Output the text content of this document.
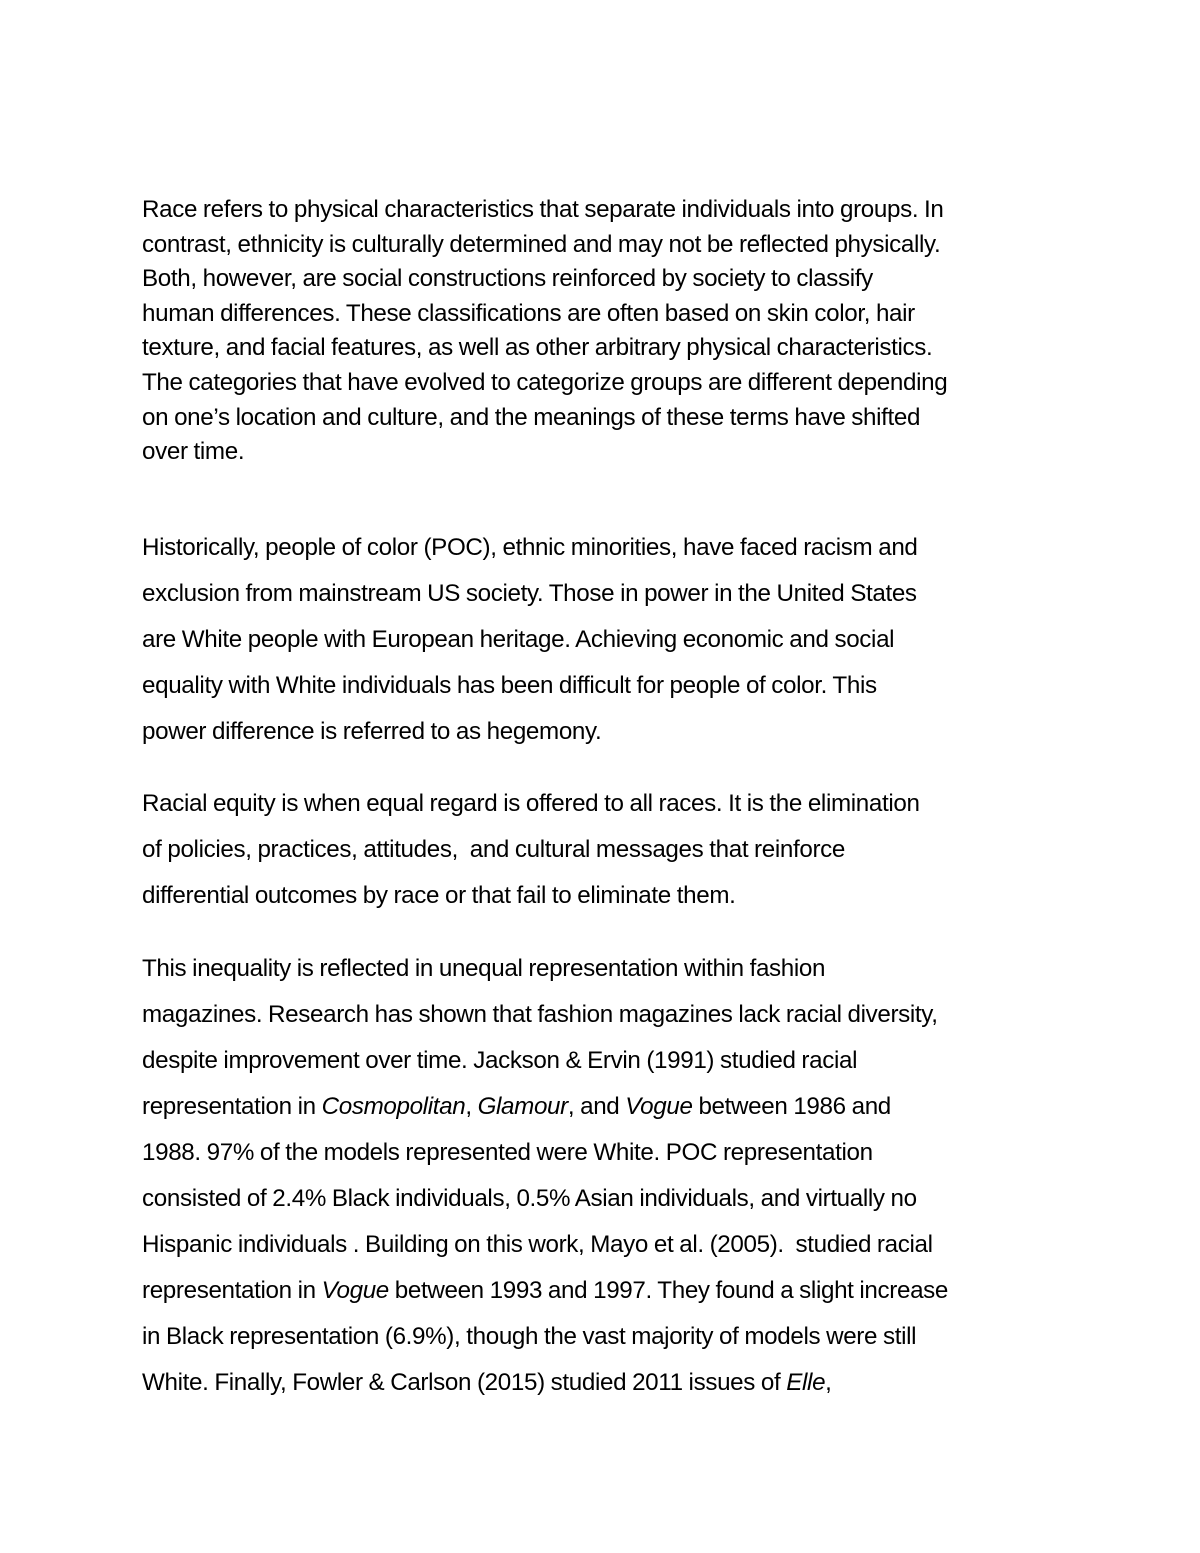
Race refers to physical characteristics that separate individuals into groups. In
contrast, ethnicity is culturally determined and may not be reflected physically.
Both, however, are social constructions reinforced by society to classify
human differences. These classifications are often based on skin color, hair
texture, and facial features, as well as other arbitrary physical characteristics.
The categories that have evolved to categorize groups are different depending
on one’s location and culture, and the meanings of these terms have shifted
over time.

Historically, people of color (POC), ethnic minorities, have faced racism and
exclusion from mainstream US society. Those in power in the United States
are White people with European heritage. Achieving economic and social
equality with White individuals has been difficult for people of color. This
power difference is referred to as hegemony.

Racial equity is when equal regard is offered to all races. It is the elimination
of policies, practices, attitudes,  and cultural messages that reinforce
differential outcomes by race or that fail to eliminate them.

This inequality is reflected in unequal representation within fashion
magazines. Research has shown that fashion magazines lack racial diversity,
despite improvement over time. Jackson & Ervin (1991) studied racial
representation in Cosmopolitan, Glamour, and Vogue between 1986 and
1988. 97% of the models represented were White. POC representation
consisted of 2.4% Black individuals, 0.5% Asian individuals, and virtually no
Hispanic individuals . Building on this work, Mayo et al. (2005).  studied racial
representation in Vogue between 1993 and 1997. They found a slight increase
in Black representation (6.9%), though the vast majority of models were still
White. Finally, Fowler & Carlson (2015) studied 2011 issues of Elle,
